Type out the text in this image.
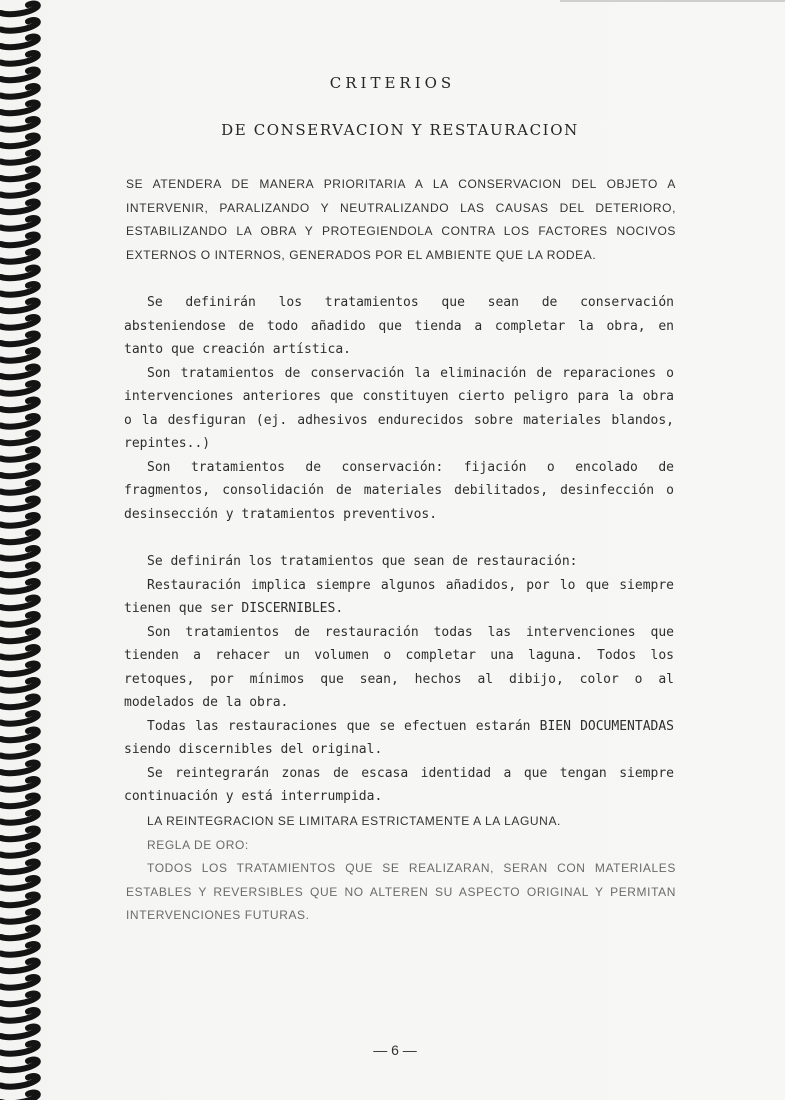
CRITERIOS
DE CONSERVACION Y RESTAURACION
SE ATENDERA DE MANERA PRIORITARIA A LA CONSERVACION DEL OBJETO A
INTERVENIR, PARALIZANDO Y NEUTRALIZANDO LAS CAUSAS DEL DETERIORO,
ESTABILIZANDO LA OBRA Y PROTEGIENDOLA CONTRA LOS FACTORES NOCIVOS
EXTERNOS O INTERNOS, GENERADOS POR EL AMBIENTE QUE LA RODEA.
Se definirán los tratamientos que sean de conservación
absteniendose de todo añadido que tienda a completar la obra, en
tanto que creación artística.
Son tratamientos de conservación la eliminación de reparaciones o
intervenciones anteriores que constituyen cierto peligro para la obra
o la desfiguran (ej. adhesivos endurecidos sobre materiales blandos,
repintes..)
Son tratamientos de conservación: fijación o encolado de
fragmentos, consolidación de materiales debilitados, desinfección o
desinsección y tratamientos preventivos.
Se definirán los tratamientos que sean de restauración:
Restauración implica siempre algunos añadidos, por lo que siempre
tienen que ser DISCERNIBLES.
Son tratamientos de restauración todas las intervenciones que
tienden a rehacer un volumen o completar una laguna. Todos los
retoques, por mínimos que sean, hechos al dibijo, color o al
modelados de la obra.
Todas las restauraciones que se efectuen estarán BIEN DOCUMENTADAS
siendo discernibles del original.
Se reintegrarán zonas de escasa identidad a que tengan siempre
continuación y está interrumpida.
LA REINTEGRACION SE LIMITARA ESTRICTAMENTE A LA LAGUNA.
REGLA DE ORO:
TODOS LOS TRATAMIENTOS QUE SE REALIZARAN, SERAN CON MATERIALES
ESTABLES Y REVERSIBLES QUE NO ALTEREN SU ASPECTO ORIGINAL Y PERMITAN
INTERVENCIONES FUTURAS.
— 6 —
